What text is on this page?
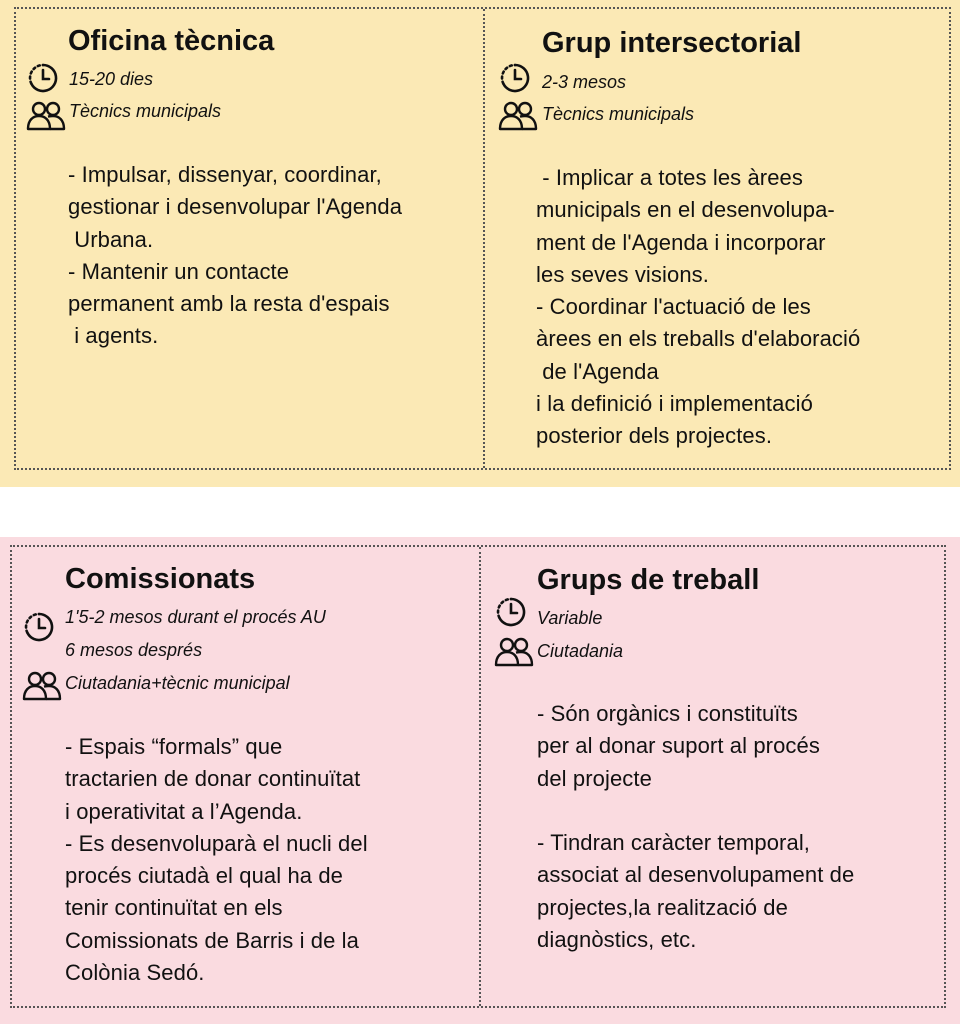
Oficina tècnica
15-20 dies
Tècnics municipals

- Impulsar, dissenyar, coordinar,
gestionar i desenvolupar l'Agenda
Urbana.
- Mantenir un contacte
permanent amb la resta d'espais
i agents.

Grup intersectorial
2-3 mesos
Tècnics municipals

- Implicar a totes les àrees
municipals en el desenvolupa-
ment de l'Agenda i incorporar
les seves visions.
- Coordinar l'actuació de les
àrees en els treballs d'elaboració
de l'Agenda
i la definició i implementació
posterior dels projectes.

Comissionats
1'5-2 mesos durant el procés AU
6 mesos després
Ciutadania+tècnic municipal

- Espais “formals” que
tractarien de donar continuïtat
i operativitat a l’Agenda.
- Es desenvoluparà el nucli del
procés ciutadà el qual ha de
tenir continuïtat en els
Comissionats de Barris i de la
Colònia Sedó.

Grups de treball
Variable
Ciutadania

- Són orgànics i constituïts
per al donar suport al procés
del projecte

- Tindran caràcter temporal,
associat al desenvolupament de
projectes,la realització de
diagnòstics, etc.
